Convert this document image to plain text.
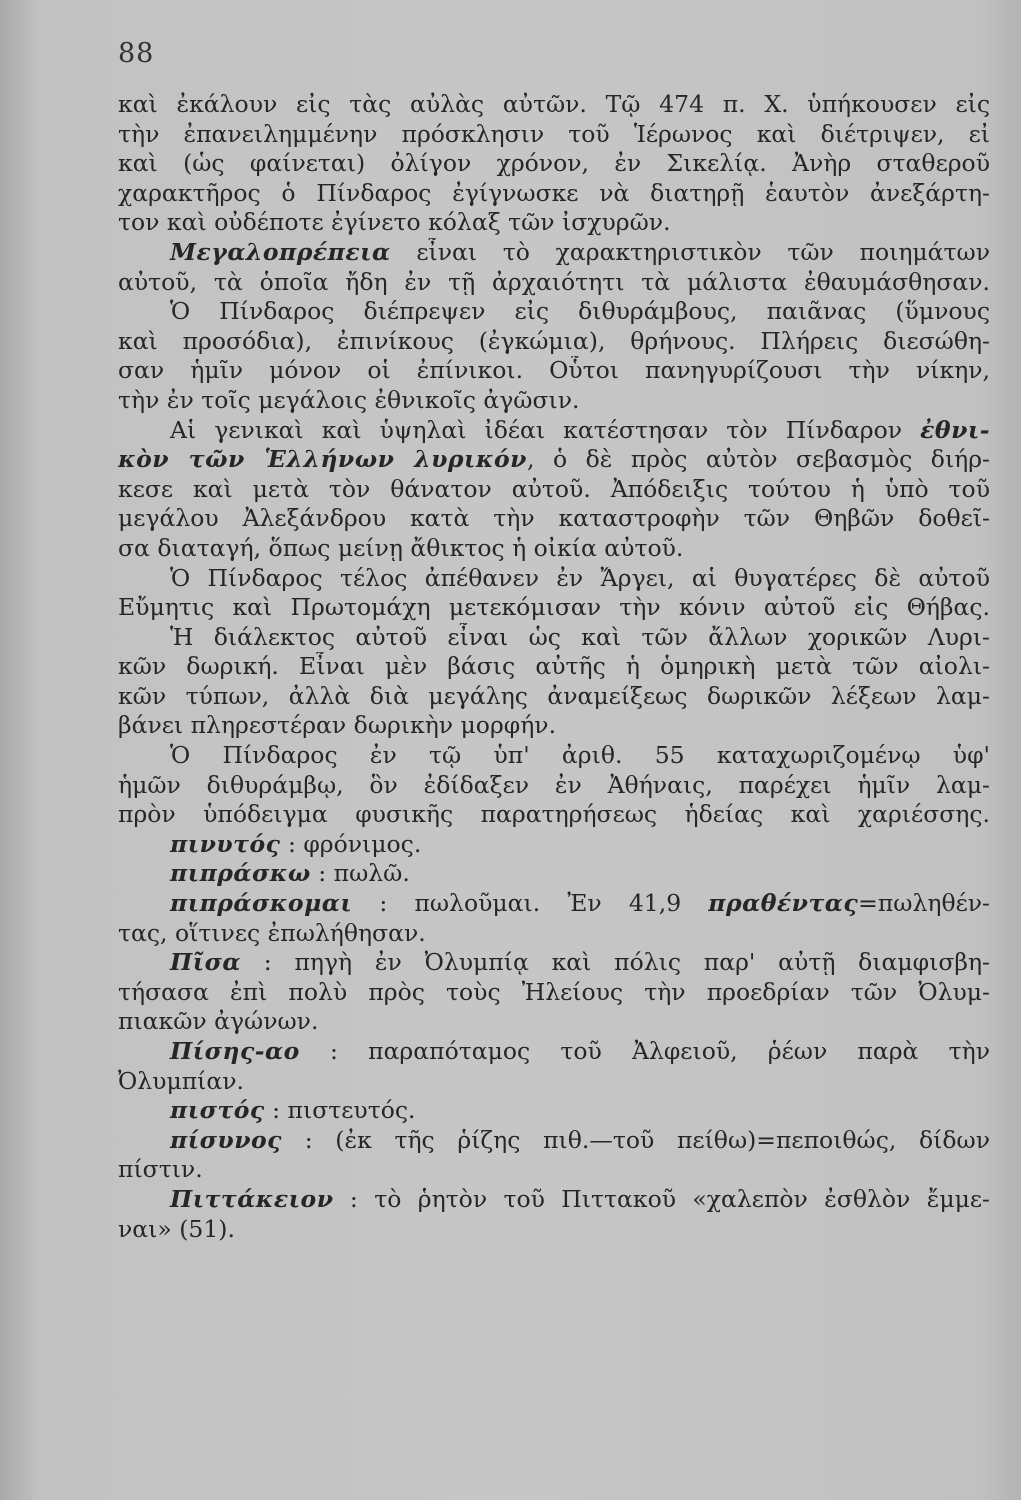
88
καὶ ἐκάλουν εἰς τὰς αὐλὰς αὐτῶν. Τῷ 474 π. Χ. ὑπήκουσεν εἰς
τὴν ἐπανειλημμένην πρόσκλησιν τοῦ Ἱέρωνος καὶ διέτριψεν, εἰ
καὶ (ὡς φαίνεται) ὀλίγον χρόνον, ἐν Σικελίᾳ. Ἀνὴρ σταθεροῦ
χαρακτῆρος ὁ Πίνδαρος ἐγίγνωσκε νὰ διατηρῇ ἑαυτὸν ἀνεξάρτη-
τον καὶ οὐδέποτε ἐγίνετο κόλαξ τῶν ἰσχυρῶν.
Μεγαλοπρέπεια εἶναι τὸ χαρακτηριστικὸν τῶν ποιημάτων
αὐτοῦ, τὰ ὁποῖα ἤδη ἐν τῇ ἀρχαιότητι τὰ μάλιστα ἐθαυμάσθησαν.
Ὁ Πίνδαρος διέπρεψεν εἰς διθυράμβους, παιᾶνας (ὕμνους
καὶ προσόδια), ἐπινίκους (ἐγκώμια), θρήνους. Πλήρεις διεσώθη-
σαν ἡμῖν μόνον οἱ ἐπίνικοι. Οὗτοι πανηγυρίζουσι τὴν νίκην,
τὴν ἐν τοῖς μεγάλοις ἐθνικοῖς ἀγῶσιν.
Αἱ γενικαὶ καὶ ὑψηλαὶ ἰδέαι κατέστησαν τὸν Πίνδαρον ἐθνι-
κὸν τῶν Ἑλλήνων λυρικόν, ὁ δὲ πρὸς αὐτὸν σεβασμὸς διήρ-
κεσε καὶ μετὰ τὸν θάνατον αὐτοῦ. Ἀπόδειξις τούτου ἡ ὑπὸ τοῦ
μεγάλου Ἀλεξάνδρου κατὰ τὴν καταστροφὴν τῶν Θηβῶν δοθεῖ-
σα διαταγή, ὅπως μείνῃ ἄθικτος ἡ οἰκία αὐτοῦ.
Ὁ Πίνδαρος τέλος ἀπέθανεν ἐν Ἄργει, αἱ θυγατέρες δὲ αὐτοῦ
Εὔμητις καὶ Πρωτομάχη μετεκόμισαν τὴν κόνιν αὐτοῦ εἰς Θήβας.
Ἡ διάλεκτος αὐτοῦ εἶναι ὡς καὶ τῶν ἄλλων χορικῶν Λυρι-
κῶν δωρική. Εἶναι μὲν βάσις αὐτῆς ἡ ὁμηρικὴ μετὰ τῶν αἰολι-
κῶν τύπων, ἀλλὰ διὰ μεγάλης ἀναμείξεως δωρικῶν λέξεων λαμ-
βάνει πληρεστέραν δωρικὴν μορφήν.
Ὁ Πίνδαρος ἐν τῷ ὑπ' ἀριθ. 55 καταχωριζομένῳ ὑφ'
ἡμῶν διθυράμβῳ, ὃν ἐδίδαξεν ἐν Ἀθήναις, παρέχει ἡμῖν λαμ-
πρὸν ὑπόδειγμα φυσικῆς παρατηρήσεως ἡδείας καὶ χαριέσσης.
πινυτός : φρόνιμος.
πιπράσκω : πωλῶ.
πιπράσκομαι : πωλοῦμαι. Ἐν 41,9 πραθέντας=πωληθέν-
τας, οἵτινες ἐπωλήθησαν.
Πῖσα : πηγὴ ἐν Ὀλυμπίᾳ καὶ πόλις παρ' αὐτῇ διαμφισβη-
τήσασα ἐπὶ πολὺ πρὸς τοὺς Ἠλείους τὴν προεδρίαν τῶν Ὀλυμ-
πιακῶν ἀγώνων.
Πίσης-αο : παραπόταμος τοῦ Ἀλφειοῦ, ῥέων παρὰ τὴν
Ὀλυμπίαν.
πιστός : πιστευτός.
πίσυνος : (ἐκ τῆς ῥίζης πιθ.—τοῦ πείθω)=πεποιθώς, δίδων
πίστιν.
Πιττάκειον : τὸ ῥητὸν τοῦ Πιττακοῦ «χαλεπὸν ἐσθλὸν ἔμμε-
ναι» (51).
